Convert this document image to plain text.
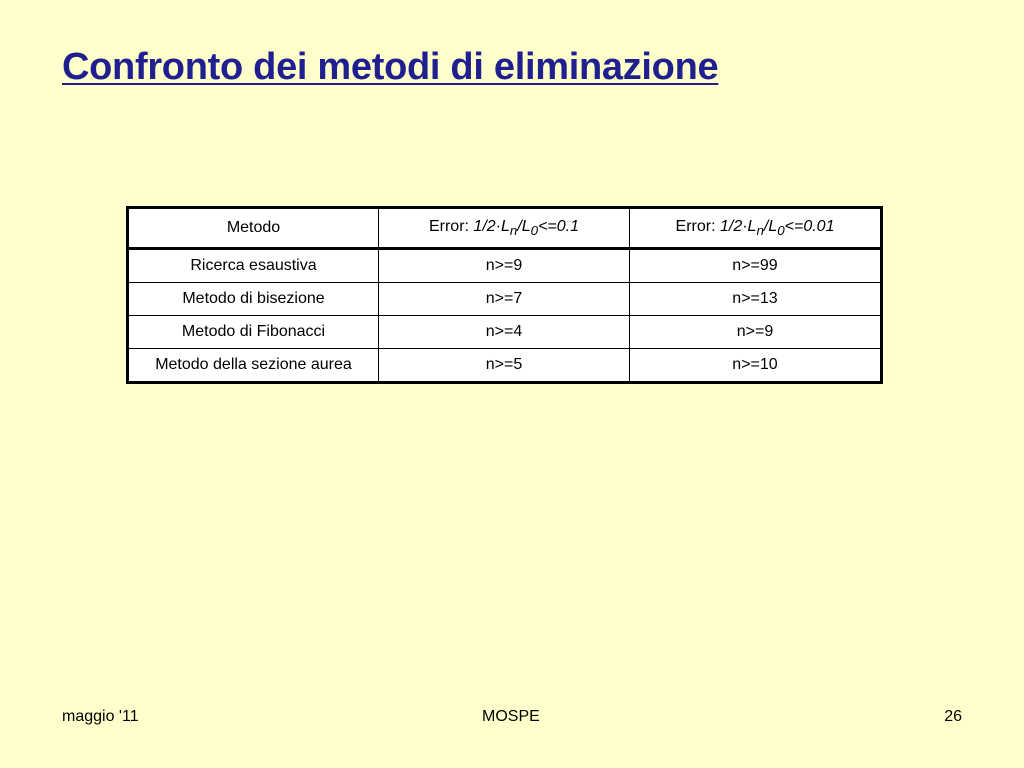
Confronto dei metodi di eliminazione
Metodo	Error: $1/2\cdot L_n/L_0<=0.1$	Error: $1/2\cdot L_n/L_0<=0.01$
Ricerca esaustiva	n>=9	n>=99
Metodo di bisezione	n>=7	n>=13
Metodo di Fibonacci	n>=4	n>=9
Metodo della sezione aurea	n>=5	n>=10
maggio '11	MOSPE	26
